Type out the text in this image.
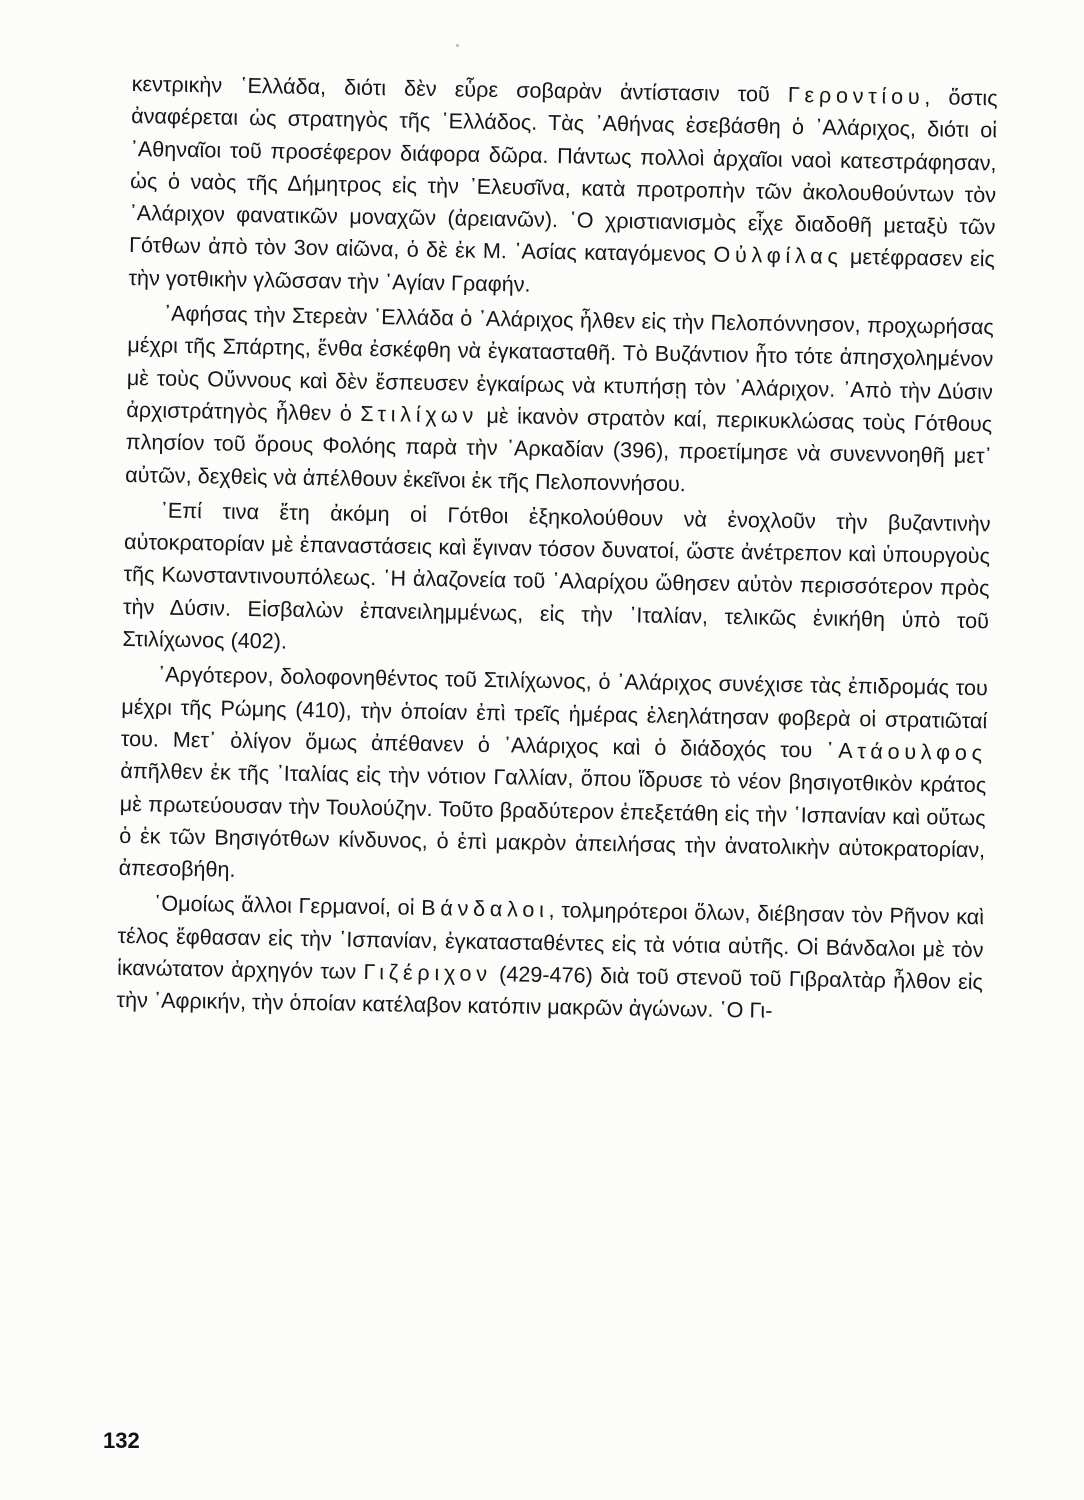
κεντρικὴν ῾Ελλάδα, διότι δὲν εὗρε σοβαρὰν ἀντίστασιν τοῦ Γεροντίου, ὅστις ἀναφέρεται ὡς στρατηγὸς τῆς ῾Ελλάδος. Τὰς ᾿Αθήνας ἐσεβάσθη ὁ ᾿Αλάριχος, διότι οἱ ᾿Αθηναῖοι τοῦ προσέφερον διάφορα δῶρα. Πάντως πολλοὶ ἀρχαῖοι ναοὶ κατεστράφησαν, ὡς ὁ ναὸς τῆς Δήμητρος εἰς τὴν ᾿Ελευσῖνα, κατὰ προτροπὴν τῶν ἀκολουθούντων τὸν ᾿Αλάριχον φανατικῶν μοναχῶν (ἀρειανῶν). ῾Ο χριστιανισμὸς εἶχε διαδοθῆ μεταξὺ τῶν Γότθων ἀπὸ τὸν 3ον αἰῶνα, ὁ δὲ ἐκ Μ. ᾿Ασίας καταγόμενος Οὐλφίλας μετέφρασεν εἰς τὴν γοτθικὴν γλῶσσαν τὴν ῾Αγίαν Γραφήν.

᾿Αφήσας τὴν Στερεὰν ῾Ελλάδα ὁ ᾿Αλάριχος ἦλθεν εἰς τὴν Πελοπόννησον, προχωρήσας μέχρι τῆς Σπάρτης, ἔνθα ἐσκέφθη νὰ ἐγκατασταθῆ. Τὸ Βυζάντιον ἦτο τότε ἀπησχολημένον μὲ τοὺς Οὔννους καὶ δὲν ἔσπευσεν ἐγκαίρως νὰ κτυπήσῃ τὸν ᾿Αλάριχον. ᾿Απὸ τὴν Δύσιν ἀρχιστράτηγὸς ἦλθεν ὁ Στιλίχων μὲ ἱκανὸν στρατὸν καί, περικυκλώσας τοὺς Γότθους πλησίον τοῦ ὄρους Φολόης παρὰ τὴν ᾿Αρκαδίαν (396), προετίμησε νὰ συνεννοηθῆ μετ᾿ αὐτῶν, δεχθεὶς νὰ ἀπέλθουν ἐκεῖνοι ἐκ τῆς Πελοποννήσου.

᾿Επί τινα ἔτη ἀκόμη οἱ Γότθοι ἐξηκολούθουν νὰ ἐνοχλοῦν τὴν βυζαντινὴν αὐτοκρατορίαν μὲ ἐπαναστάσεις καὶ ἔγιναν τόσον δυνατοί, ὥστε ἀνέτρεπον καὶ ὑπουργοὺς τῆς Κωνσταντινουπόλεως. ῾Η ἀλαζονεία τοῦ ᾿Αλαρίχου ὤθησεν αὐτὸν περισσότερον πρὸς τὴν Δύσιν. Εἰσβαλὼν ἐπανειλημμένως, εἰς τὴν ᾿Ιταλίαν, τελικῶς ἐνικήθη ὑπὸ τοῦ Στιλίχωνος (402).

᾿Αργότερον, δολοφονηθέντος τοῦ Στιλίχωνος, ὁ ᾿Αλάριχος συνέχισε τὰς ἐπιδρομάς του μέχρι τῆς Ρώμης (410), τὴν ὁποίαν ἐπὶ τρεῖς ἡμέρας ἐλεηλάτησαν φοβερὰ οἱ στρατιῶταί του. Μετ᾿ ὀλίγον ὅμως ἀπέθανεν ὁ ᾿Αλάριχος καὶ ὁ διάδοχός του ᾿Ατάουλφος ἀπῆλθεν ἐκ τῆς ᾿Ιταλίας εἰς τὴν νότιον Γαλλίαν, ὅπου ἵδρυσε τὸ νέον βησιγοτθικὸν κράτος μὲ πρωτεύουσαν τὴν Τουλούζην. Τοῦτο βραδύτερον ἐπεξετάθη εἰς τὴν ῾Ισπανίαν καὶ οὕτως ὁ ἐκ τῶν Βησιγότθων κίνδυνος, ὁ ἐπὶ μακρὸν ἀπειλήσας τὴν ἀνατολικὴν αὐτοκρατορίαν, ἀπεσοβήθη.

῾Ομοίως ἄλλοι Γερμανοί, οἱ Βάνδαλοι, τολμηρότεροι ὅλων, διέβησαν τὸν Ρῆνον καὶ τέλος ἔφθασαν εἰς τὴν ῾Ισπανίαν, ἐγκατασταθέντες εἰς τὰ νότια αὐτῆς. Οἱ Βάνδαλοι μὲ τὸν ἱκανώτατον ἀρχηγόν των Γιζέριχον (429-476) διὰ τοῦ στενοῦ τοῦ Γιβραλτὰρ ἦλθον εἰς τὴν ᾿Αφρικήν, τὴν ὁποίαν κατέλαβον κατόπιν μακρῶν ἀγώνων. ῾Ο Γι-

132
